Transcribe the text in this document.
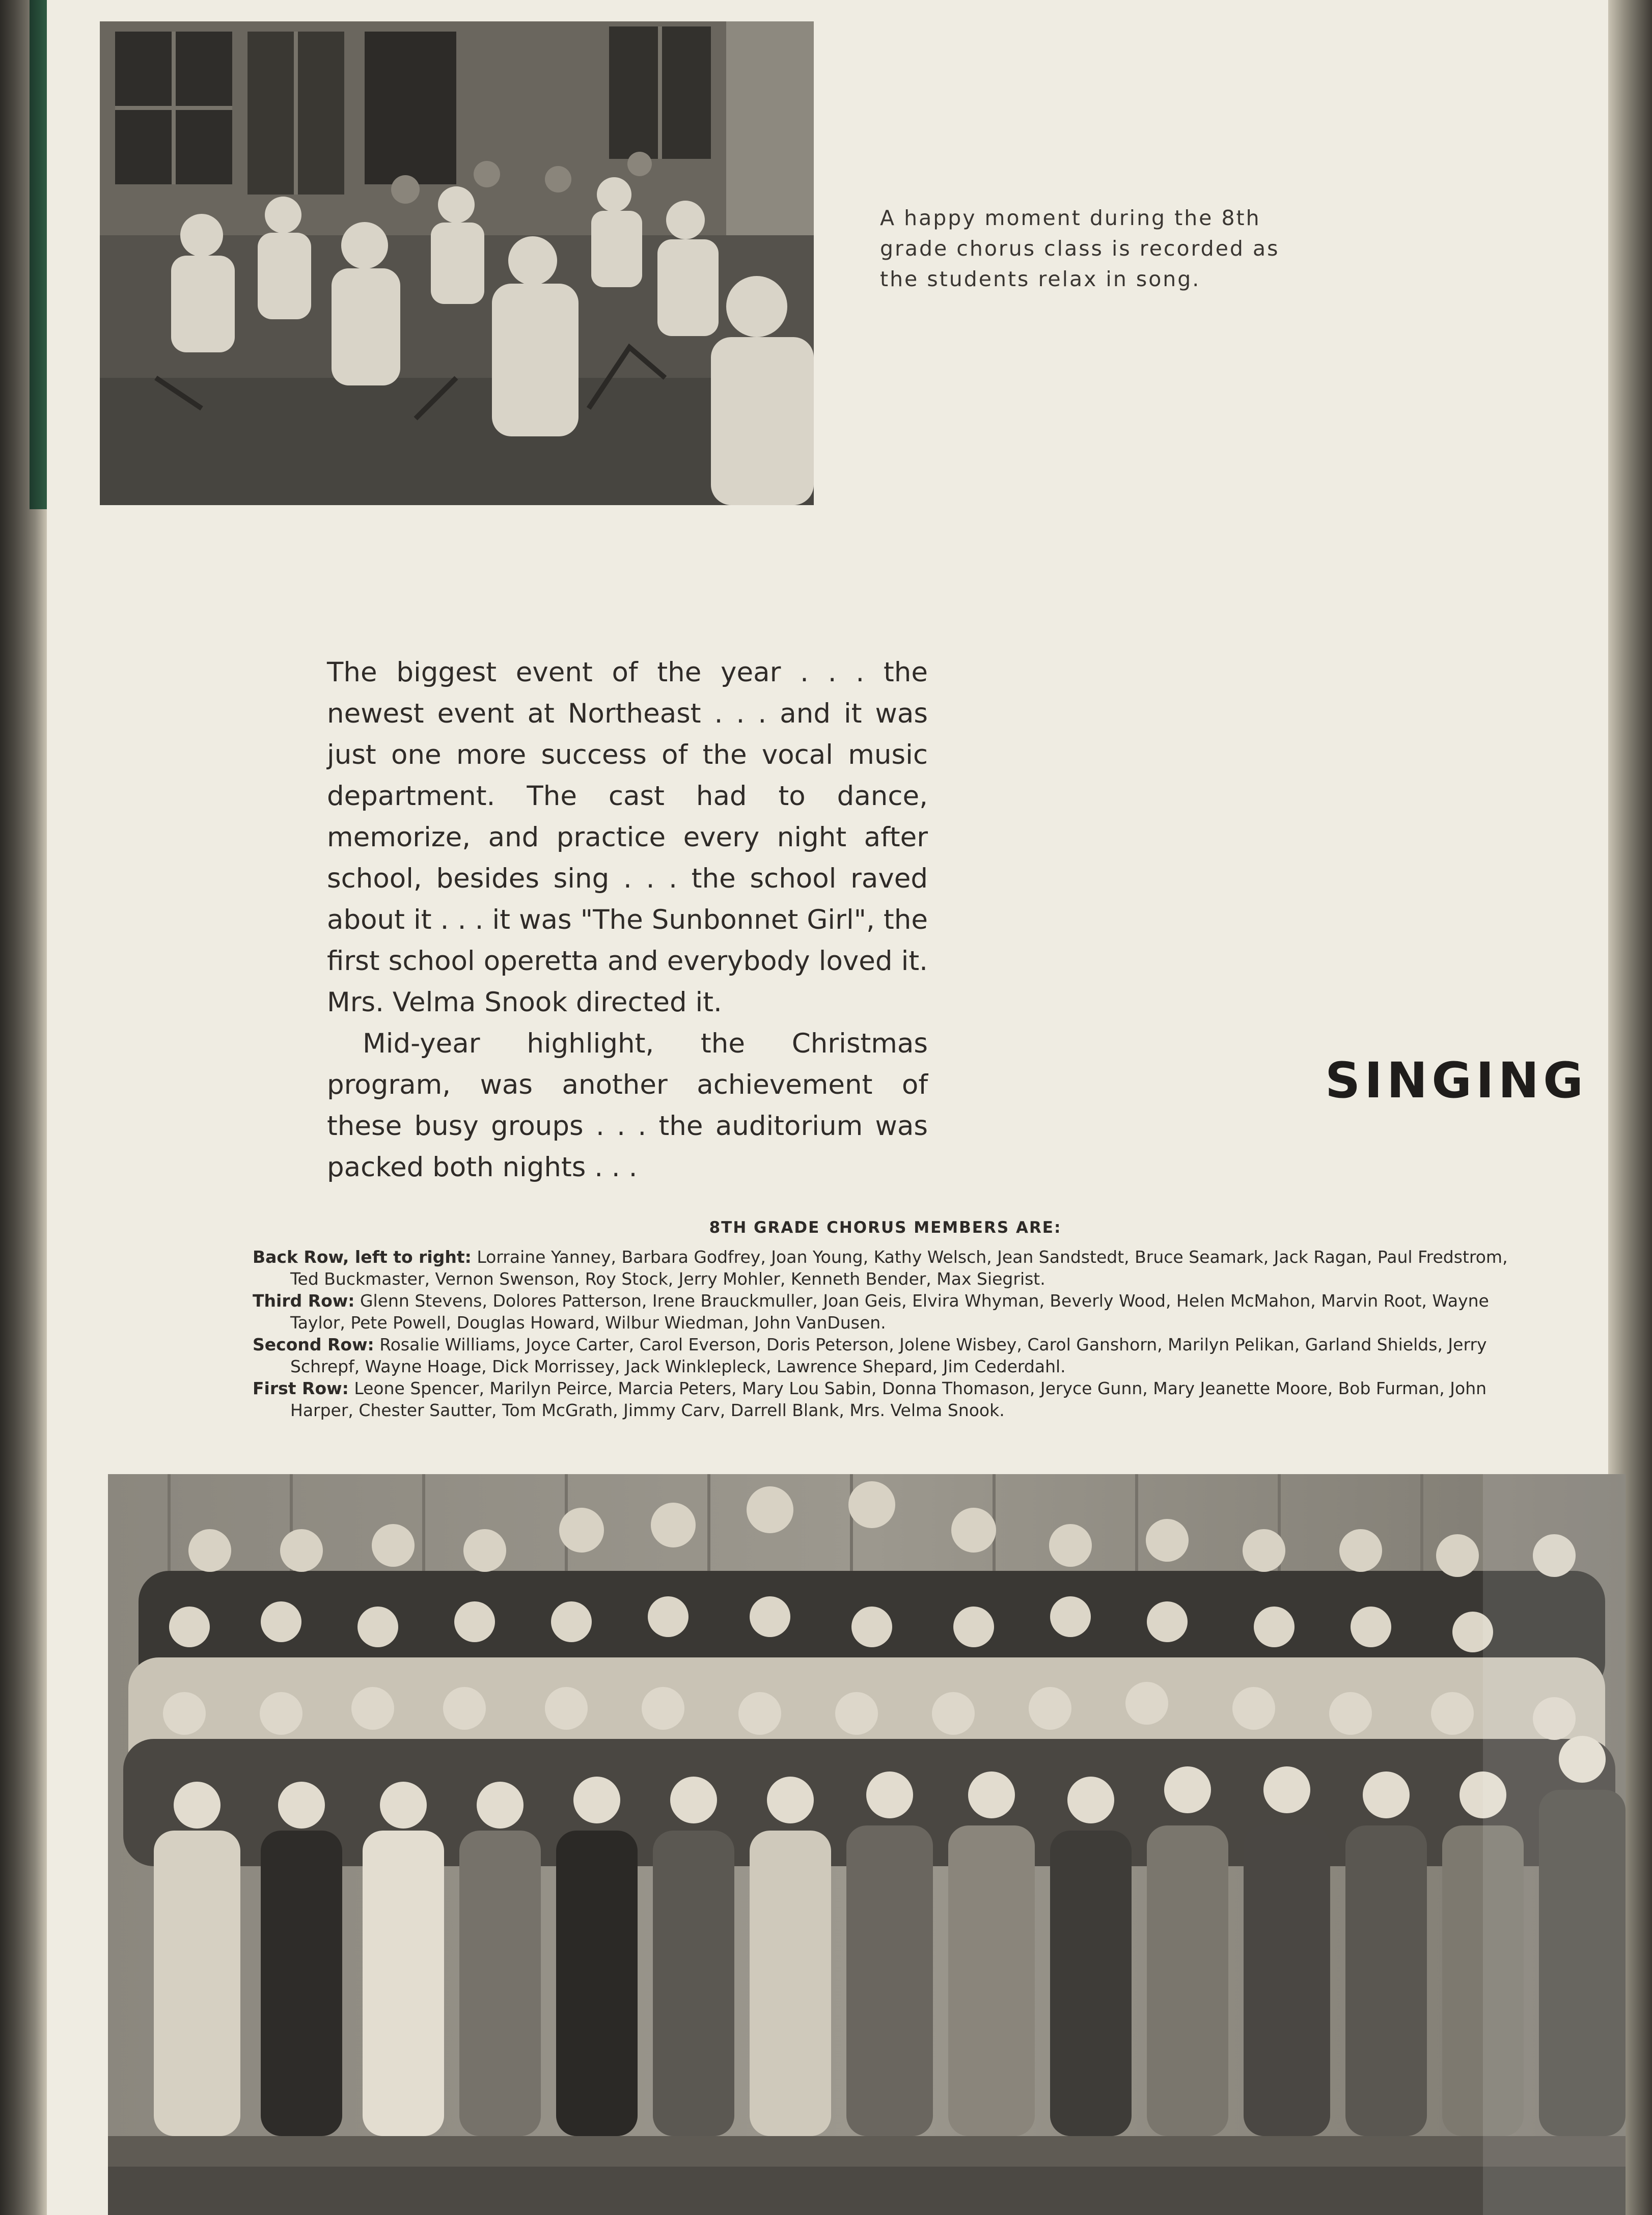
A happy moment during the 8th grade chorus class is recorded as the students relax in song.

The biggest event of the year . . . the newest event at Northeast . . . and it was just one more success of the vocal music department. The cast had to dance, memorize, and practice every night after school, besides sing . . . the school raved about it . . . it was "The Sunbonnet Girl", the first school operetta and everybody loved it. Mrs. Velma Snook directed it.

Mid-year highlight, the Christmas program, was another achievement of these busy groups . . . the auditorium was packed both nights . . .

SINGING
8TH GRADE CHORUS MEMBERS ARE:

Back Row, left to right: Lorraine Yanney, Barbara Godfrey, Joan Young, Kathy Welsch, Jean Sandstedt, Bruce Seamark, Jack Ragan, Paul Fredstrom, Ted Buckmaster, Vernon Swenson, Roy Stock, Jerry Mohler, Kenneth Bender, Max Siegrist.

Third Row: Glenn Stevens, Dolores Patterson, Irene Brauckmuller, Joan Geis, Elvira Whyman, Beverly Wood, Helen McMahon, Marvin Root, Wayne Taylor, Pete Powell, Douglas Howard, Wilbur Wiedman, John VanDusen.

Second Row: Rosalie Williams, Joyce Carter, Carol Everson, Doris Peterson, Jolene Wisbey, Carol Ganshorn, Marilyn Pelikan, Garland Shields, Jerry Schrepf, Wayne Hoage, Dick Morrissey, Jack Winklepleck, Lawrence Shepard, Jim Cederdahl.

First Row: Leone Spencer, Marilyn Peirce, Marcia Peters, Mary Lou Sabin, Donna Thomason, Jeryce Gunn, Mary Jeanette Moore, Bob Furman, John Harper, Chester Sautter, Tom McGrath, Jimmy Carv, Darrell Blank, Mrs. Velma Snook.
